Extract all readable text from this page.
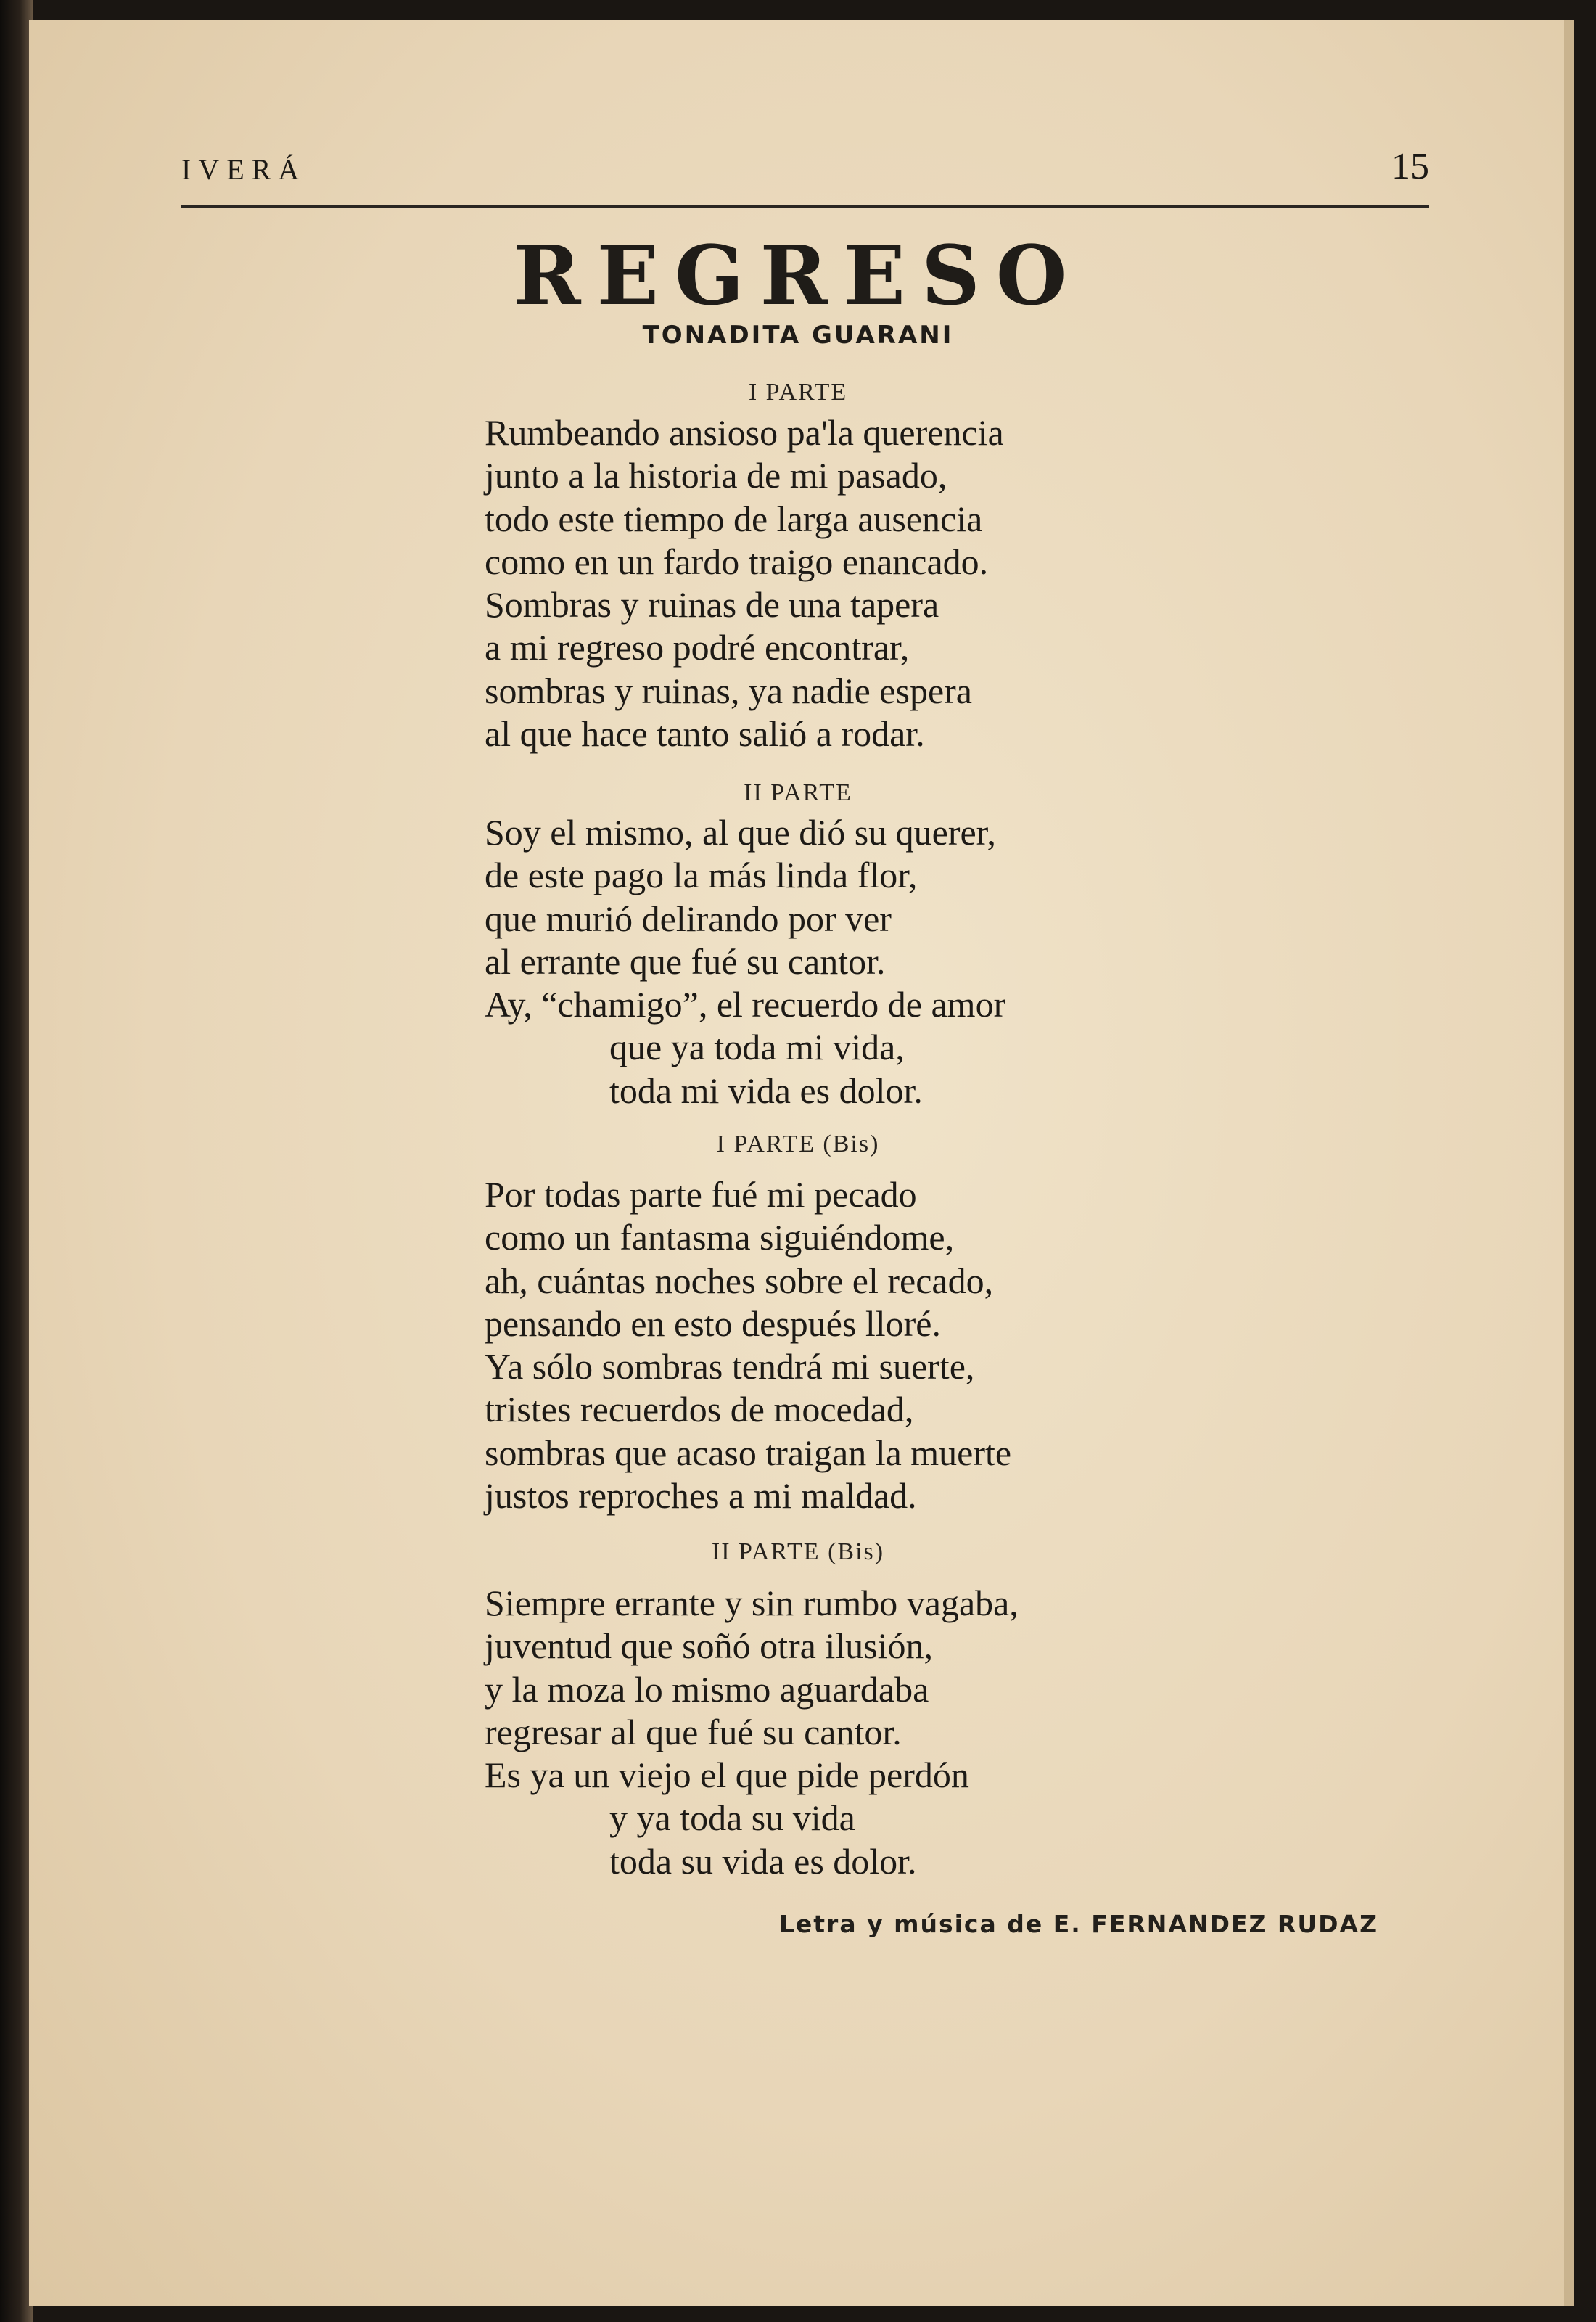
IVERÁ	15
REGRESO
TONADITA GUARANI
I PARTE
Rumbeando ansioso pa'la querencia
junto a la historia de mi pasado,
todo este tiempo de larga ausencia
como en un fardo traigo enancado.
Sombras y ruinas de una tapera
a mi regreso podré encontrar,
sombras y ruinas, ya nadie espera
al que hace tanto salió a rodar.
II PARTE
Soy el mismo, al que dió su querer,
de este pago la más linda flor,
que murió delirando por ver
al errante que fué su cantor.
Ay, “chamigo”, el recuerdo de amor
que ya toda mi vida,
toda mi vida es dolor.
I PARTE (Bis)
Por todas parte fué mi pecado
como un fantasma siguiéndome,
ah, cuántas noches sobre el recado,
pensando en esto después lloré.
Ya sólo sombras tendrá mi suerte,
tristes recuerdos de mocedad,
sombras que acaso traigan la muerte
justos reproches a mi maldad.
II PARTE (Bis)
Siempre errante y sin rumbo vagaba,
juventud que soñó otra ilusión,
y la moza lo mismo aguardaba
regresar al que fué su cantor.
Es ya un viejo el que pide perdón
y ya toda su vida
toda su vida es dolor.
Letra y música de E. FERNANDEZ RUDAZ
